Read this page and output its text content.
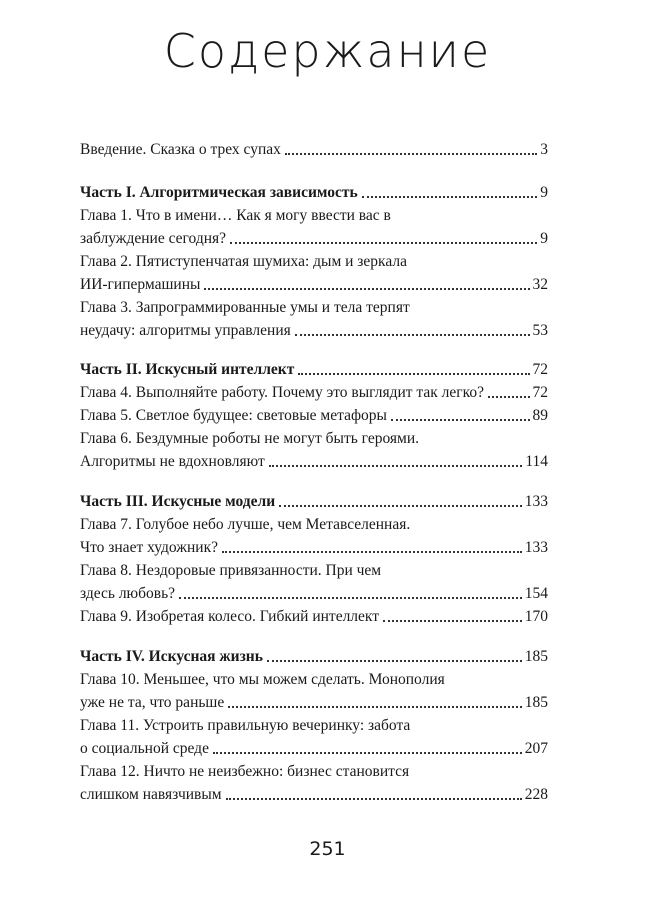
Содержание
Введение. Сказка о трех супах	3
Часть I. Алгоритмическая зависимость	9
Глава 1. Что в имени… Как я могу ввести вас в
заблуждение сегодня?	9
Глава 2. Пятиступенчатая шумиха: дым и зеркала
ИИ-гипермашины	32
Глава 3. Запрограммированные умы и тела терпят
неудачу: алгоритмы управления	53
Часть II. Искусный интеллект	72
Глава 4. Выполняйте работу. Почему это выглядит так легко?	72
Глава 5. Светлое будущее: световые метафоры	89
Глава 6. Бездумные роботы не могут быть героями.
Алгоритмы не вдохновляют	114
Часть III. Искусные модели	133
Глава 7. Голубое небо лучше, чем Метавселенная.
Что знает художник?	133
Глава 8. Нездоровые привязанности. При чем
здесь любовь?	154
Глава 9. Изобретая колесо. Гибкий интеллект	170
Часть IV. Искусная жизнь	185
Глава 10. Меньшее, что мы можем сделать. Монополия
уже не та, что раньше	185
Глава 11. Устроить правильную вечеринку: забота
о социальной среде	207
Глава 12. Ничто не неизбежно: бизнес становится
слишком навязчивым	228
251
